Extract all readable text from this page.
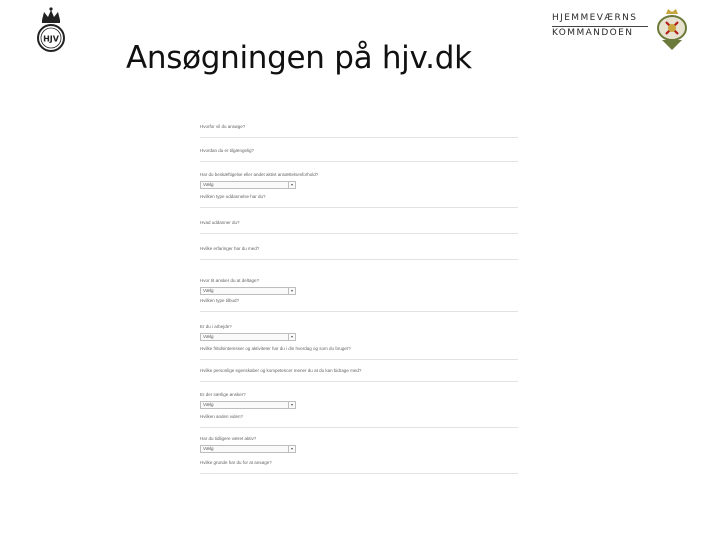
HJV
Ansøgningen på hjv.dk
HJEMMEVÆRNS
KOMMANDOEN
Hvorfor vil du ansøge?
Hvordan du er tilgængelig?
Har du beskæftigelse eller andet aktivt ansættelsesforhold?
Vælg	▾
Hvilken type uddannelse har du?
Hvad uddanner du?
Hvilke erfaringer har du med?
Hvor tit ønsker du at deltage?
Vælg	▾
Hvilken type tilbud?
Er du i arbejde?
Vælg	▾
Hvilke fritidsinteresser og aktiviteter har du i din hverdag og som du bruger?
Hvilke personlige egenskaber og kompetencer mener du at du kan bidrage med?
Er der særlige ønsker?
Vælg	▾
Hvilken anden viden?
Har du tidligere været aktiv?
Vælg	▾
Hvilke grunde har du for at ansøge?
